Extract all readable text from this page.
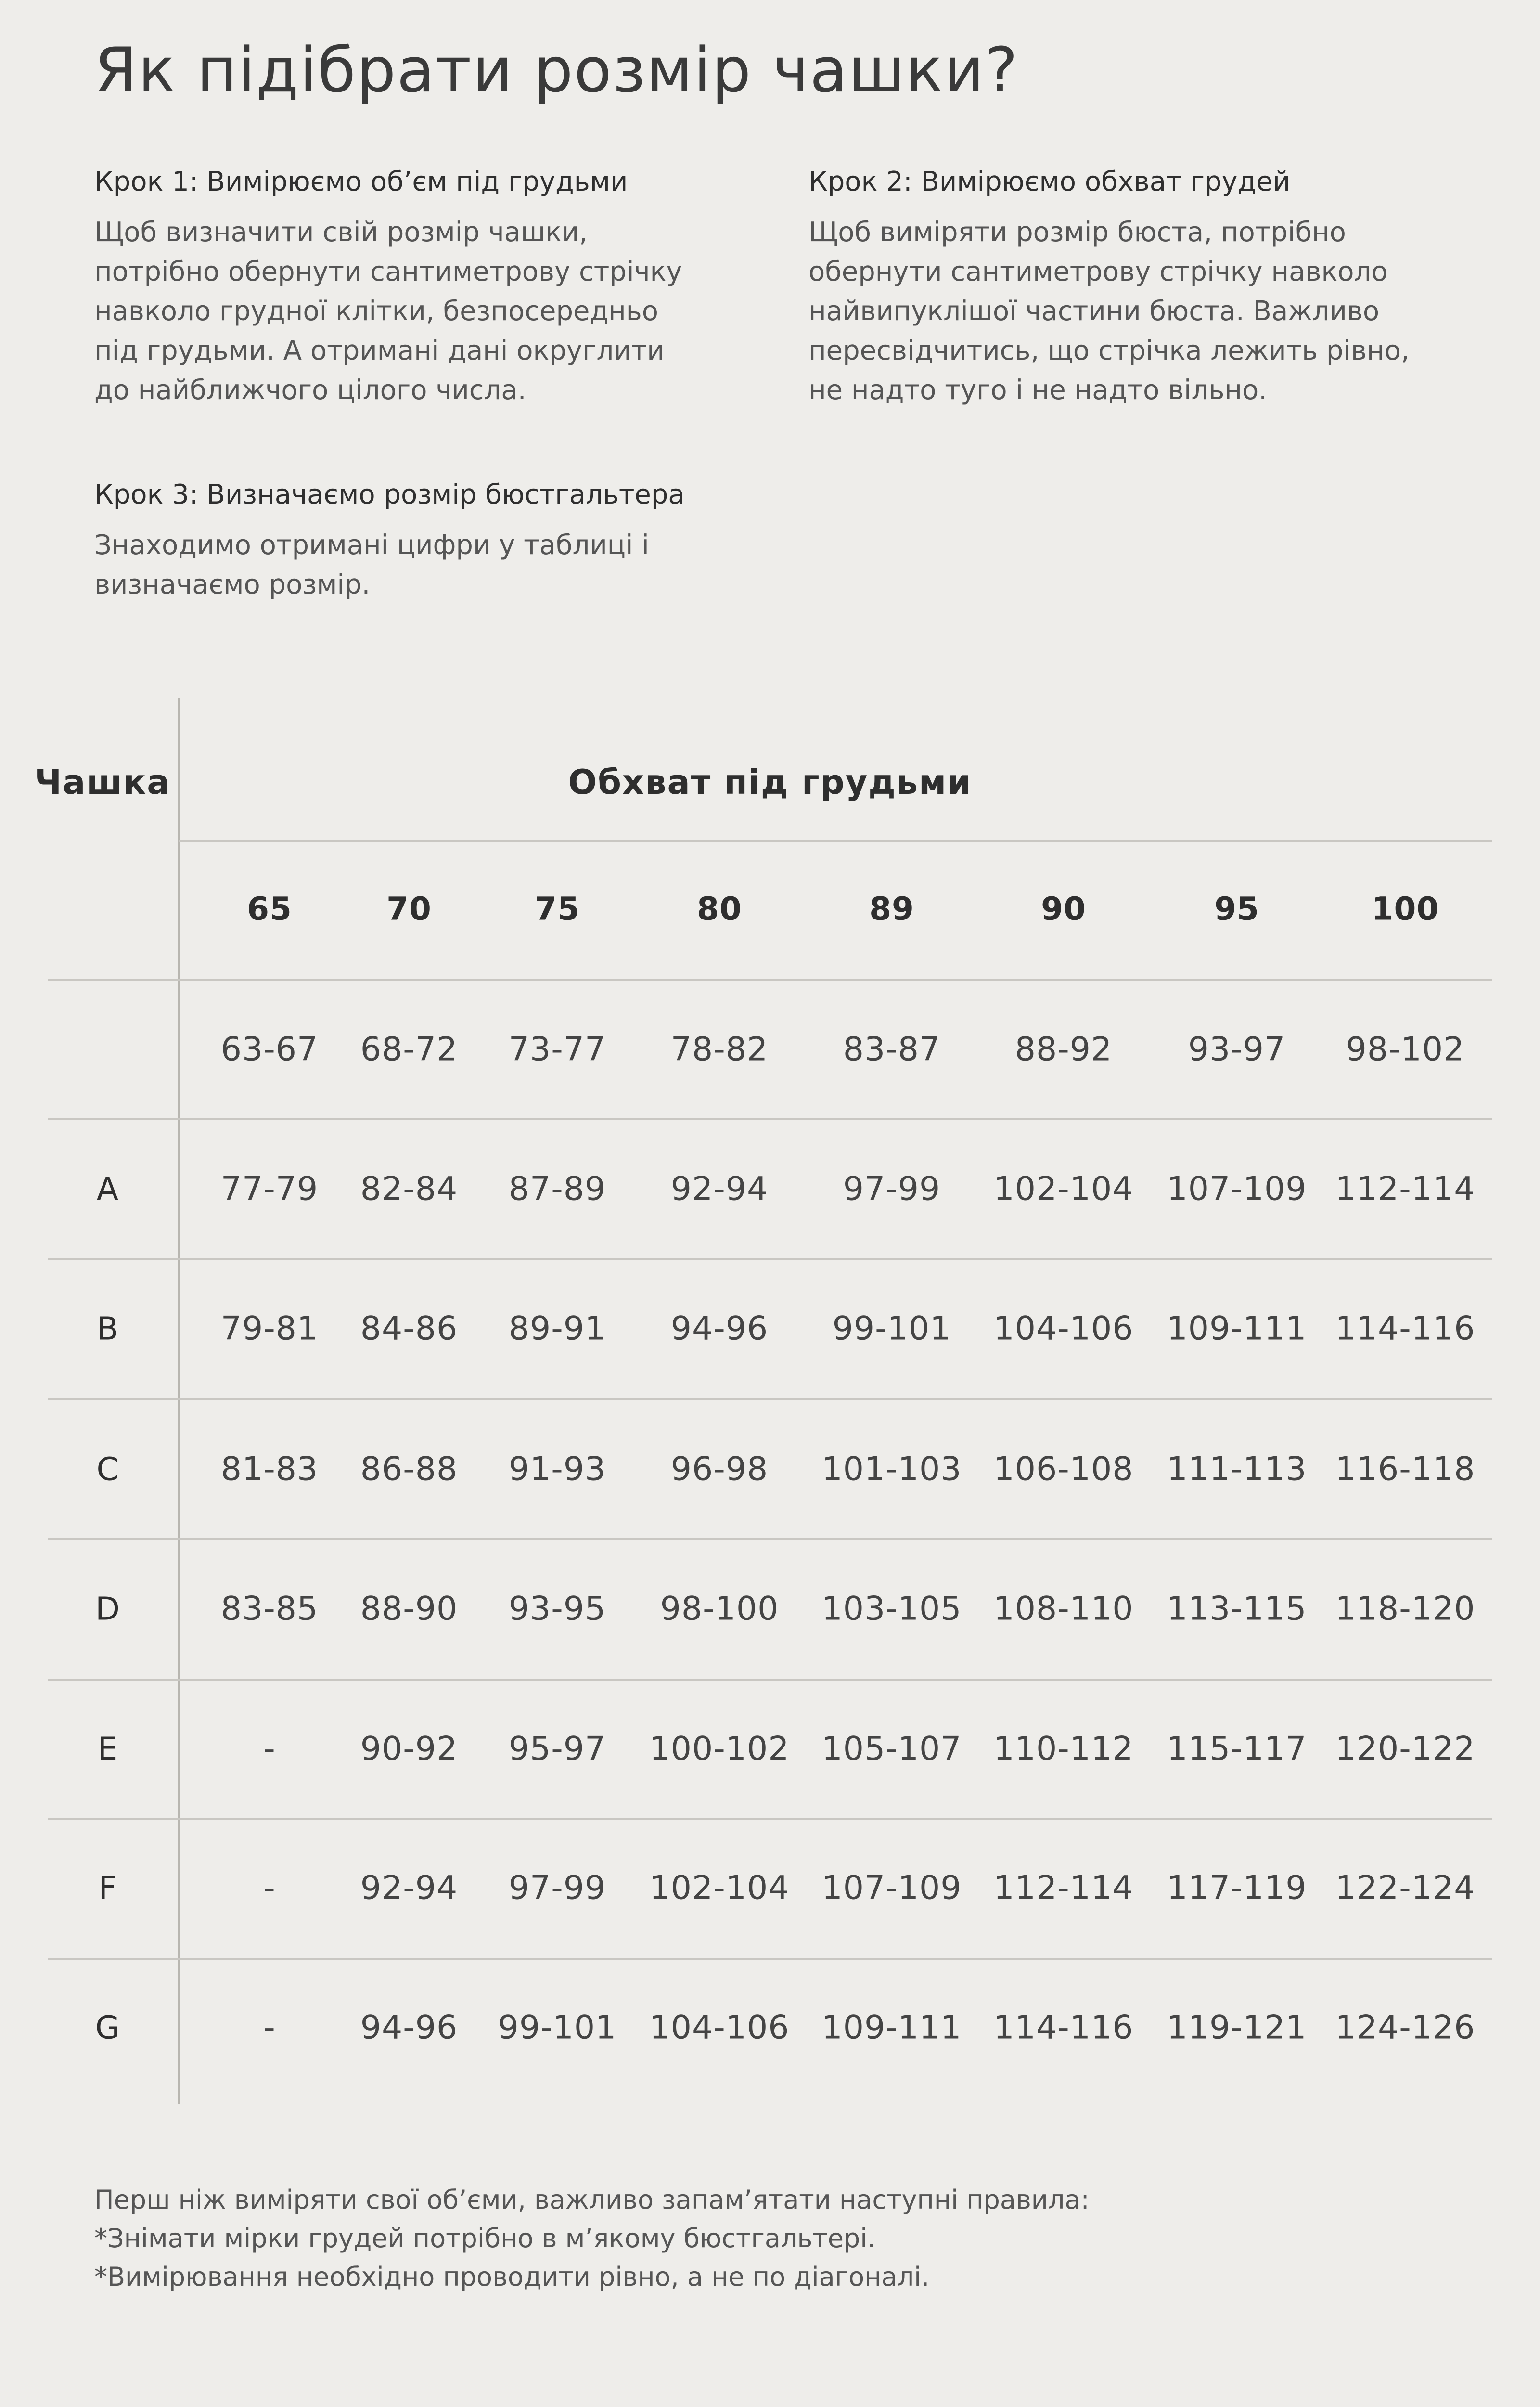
Як підібрати розмір чашки?

Крок 1: Вимірюємо об’єм під грудьми

Щоб визначити свій розмір чашки,
потрібно обернути сантиметрову стрічку
навколо грудної клітки, безпосередньо
під грудьми. А отримані дані округлити
до найближчого цілого числа.

Крок 2: Вимірюємо обхват грудей

Щоб виміряти розмір бюста, потрібно
обернути сантиметрову стрічку навколо
найвипуклішої частини бюста. Важливо
пересвідчитись, що стрічка лежить рівно,
не надто туго і не надто вільно.

Крок 3: Визначаємо розмір бюстгальтера

Знаходимо отримані цифри у таблиці і
визначаємо розмір.

Чашка	Обхват під грудьми
65	70	75	80	89	90	95	100
63-67 68-72 73-77 78-82 83-87 88-92 93-97 98-102
A	77-79 82-84 87-89 92-94 97-99 102-104 107-109 112-114
B	79-81 84-86 89-91 94-96 99-101 104-106 109-111 114-116
C	81-83 86-88 91-93 96-98 101-103 106-108 111-113 116-118
D	83-85 88-90 93-95 98-100 103-105 108-110 113-115 118-120
E	-	90-92 95-97 100-102 105-107 110-112 115-117 120-122
F	-	92-94 97-99 102-104 107-109 112-114 117-119 122-124
G	-	94-96 99-101 104-106 109-111 114-116 119-121 124-126

Перш ніж виміряти свої об’єми, важливо запам’ятати наступні правила:

*Знімати мірки грудей потрібно в м’якому бюстгальтері.

*Вимірювання необхідно проводити рівно, а не по діагоналі.
